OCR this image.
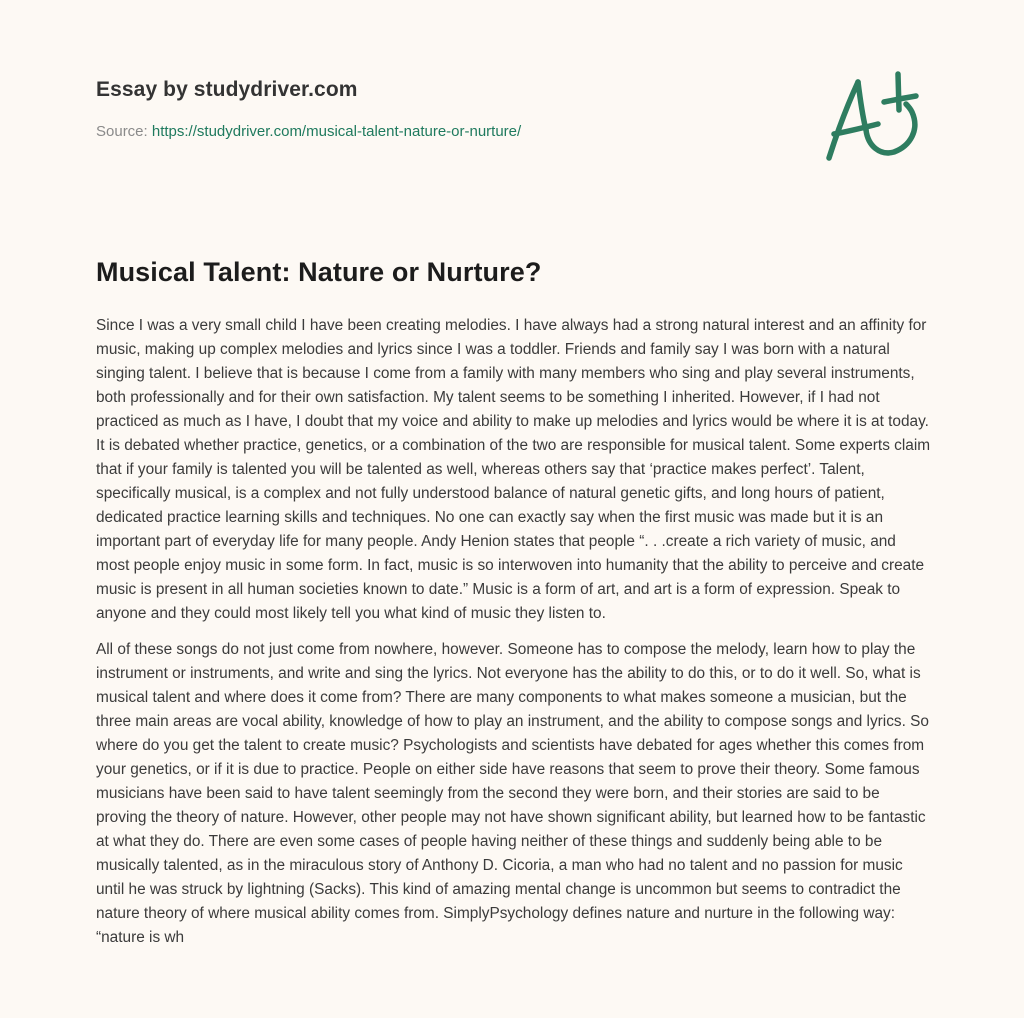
Essay by studydriver.com
Source: https://studydriver.com/musical-talent-nature-or-nurture/
Musical Talent: Nature or Nurture?

Since I was a very small child I have been creating melodies. I have always had a strong natural interest and an affinity for music, making up complex melodies and lyrics since I was a toddler. Friends and family say I was born with a natural singing talent. I believe that is because I come from a family with many members who sing and play several instruments, both professionally and for their own satisfaction. My talent seems to be something I inherited. However, if I had not practiced as much as I have, I doubt that my voice and ability to make up melodies and lyrics would be where it is at today. It is debated whether practice, genetics, or a combination of the two are responsible for musical talent. Some experts claim that if your family is talented you will be talented as well, whereas others say that ‘practice makes perfect’. Talent, specifically musical, is a complex and not fully understood balance of natural genetic gifts, and long hours of patient, dedicated practice learning skills and techniques. No one can exactly say when the first music was made but it is an important part of everyday life for many people. Andy Henion states that people “. . .create a rich variety of music, and most people enjoy music in some form. In fact, music is so interwoven into humanity that the ability to perceive and create music is present in all human societies known to date.” Music is a form of art, and art is a form of expression. Speak to anyone and they could most likely tell you what kind of music they listen to.

All of these songs do not just come from nowhere, however. Someone has to compose the melody, learn how to play the instrument or instruments, and write and sing the lyrics. Not everyone has the ability to do this, or to do it well. So, what is musical talent and where does it come from? There are many components to what makes someone a musician, but the three main areas are vocal ability, knowledge of how to play an instrument, and the ability to compose songs and lyrics. So where do you get the talent to create music? Psychologists and scientists have debated for ages whether this comes from your genetics, or if it is due to practice. People on either side have reasons that seem to prove their theory. Some famous musicians have been said to have talent seemingly from the second they were born, and their stories are said to be proving the theory of nature. However, other people may not have shown significant ability, but learned how to be fantastic at what they do. There are even some cases of people having neither of these things and suddenly being able to be musically talented, as in the miraculous story of Anthony D. Cicoria, a man who had no talent and no passion for music until he was struck by lightning (Sacks). This kind of amazing mental change is uncommon but seems to contradict the nature theory of where musical ability comes from. SimplyPsychology defines nature and nurture in the following way: “nature is wh
